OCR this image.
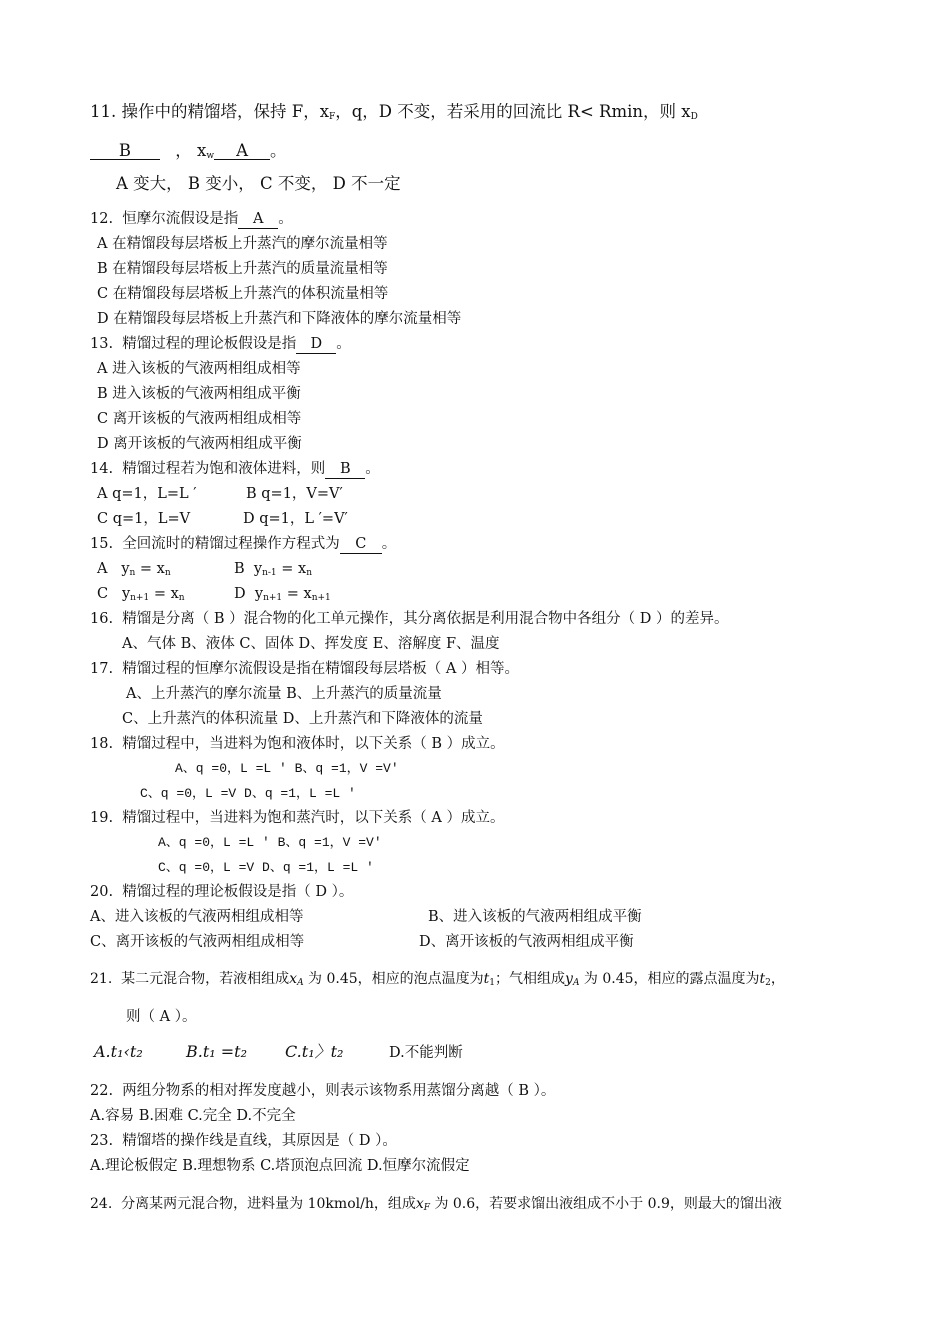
11. 操作中的精馏塔，保持 F，$x_F$，q，D 不变，若采用的回流比 R< Rmin，则 $x_D$
B	， $x_w$ A 。
A 变大， B 变小， C 不变， D 不一定
12. 恒摩尔流假设是指 A 。
A 在精馏段每层塔板上升蒸汽的摩尔流量相等
B 在精馏段每层塔板上升蒸汽的质量流量相等
C 在精馏段每层塔板上升蒸汽的体积流量相等
D 在精馏段每层塔板上升蒸汽和下降液体的摩尔流量相等
13. 精馏过程的理论板假设是指 D 。
A 进入该板的气液两相组成相等
B 进入该板的气液两相组成平衡
C 离开该板的气液两相组成相等
D 离开该板的气液两相组成平衡
14. 精馏过程若为饱和液体进料，则 B 。
A q=1，L=L ′	B q=1，V=V′
C q=1，L=V	D q=1，L ′=V′
15. 全回流时的精馏过程操作方程式为 C 。
A $y_n = x_n$	B $y_{n-1} = x_n$
C $y_{n+1} = x_n$	D $y_{n+1} = x_{n+1}$
16. 精馏是分离（ B ）混合物的化工单元操作，其分离依据是利用混合物中各组分（ D ）的差异。
A、气体 B、液体 C、固体 D、挥发度 E、溶解度 F、温度
17. 精馏过程的恒摩尔流假设是指在精馏段每层塔板（ A ）相等。
A、上升蒸汽的摩尔流量 B、上升蒸汽的质量流量
C、上升蒸汽的体积流量 D、上升蒸汽和下降液体的流量
18. 精馏过程中，当进料为饱和液体时，以下关系（ B ）成立。
A、q =0，L =L ′ B、q =1，V =V′
C、q =0，L =V D、q =1，L =L ′
19. 精馏过程中，当进料为饱和蒸汽时，以下关系（ A ）成立。
A、q =0，L =L ′ B、q =1，V =V′
C、q =0，L =V D、q =1，L =L ′
20. 精馏过程的理论板假设是指（ D ）。
A、进入该板的气液两相组成相等	B、进入该板的气液两相组成平衡
C、离开该板的气液两相组成相等	D、离开该板的气液两相组成平衡
21. 某二元混合物，若液相组成$x_A$ 为 0.45，相应的泡点温度为$t_1$；气相组成$y_A$ 为 0.45，相应的露点温度为$t_2$，
则（ A ）。
A.t₁‹t₂	B.t₁ =t₂ C.t₁〉t₂	D.不能判断
22. 两组分物系的相对挥发度越小，则表示该物系用蒸馏分离越（ B ）。
A.容易 B.困难 C.完全 D.不完全
23. 精馏塔的操作线是直线，其原因是（ D ）。
A.理论板假定 B.理想物系 C.塔顶泡点回流 D.恒摩尔流假定
24. 分离某两元混合物，进料量为 10kmol/h，组成$x_F$ 为 0.6，若要求馏出液组成不小于 0.9，则最大的馏出液
